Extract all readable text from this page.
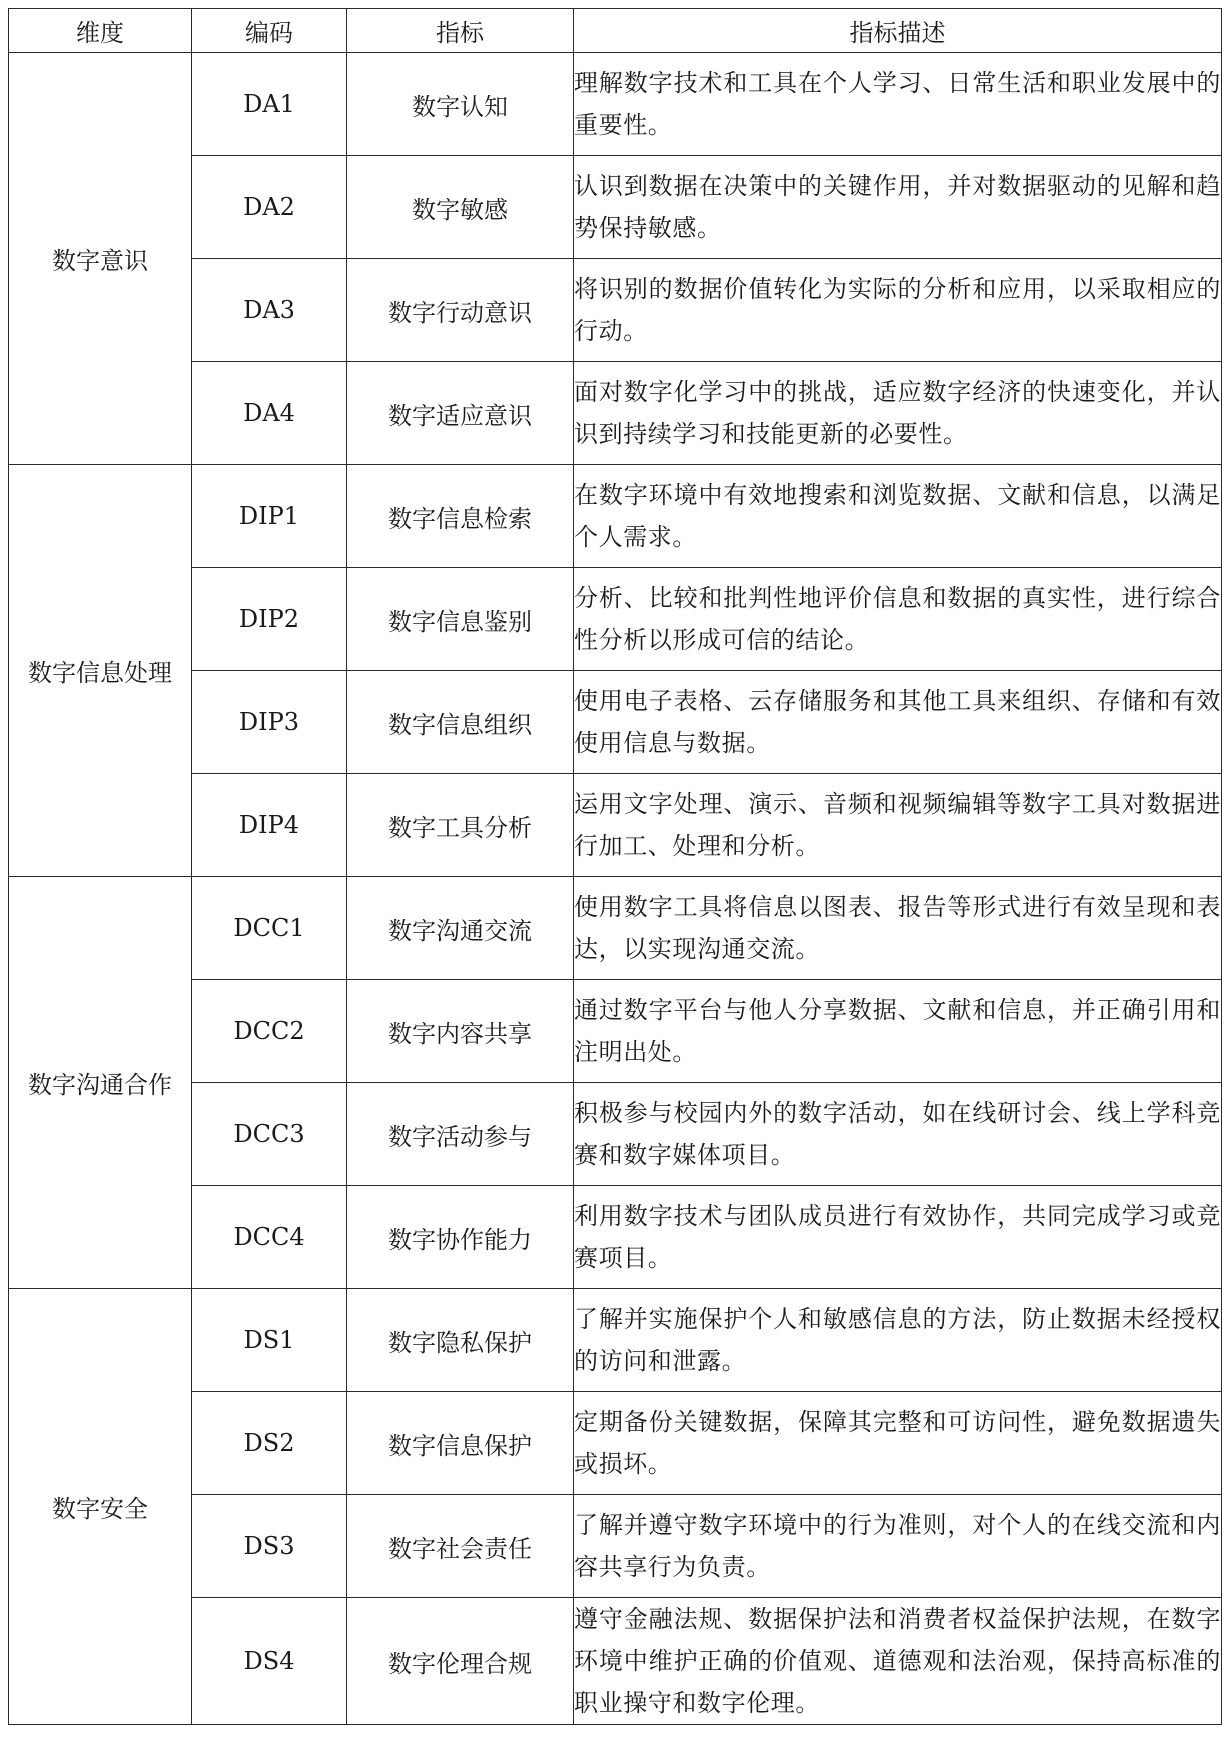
维度	编码	指标	指标描述
数字意识	DA1	数字认知	理解数字技术和工具在个人学习、日常生活和职业发展中的重要性。
	DA2	数字敏感	认识到数据在决策中的关键作用，并对数据驱动的见解和趋势保持敏感。
	DA3	数字行动意识	将识别的数据价值转化为实际的分析和应用，以采取相应的行动。
	DA4	数字适应意识	面对数字化学习中的挑战，适应数字经济的快速变化，并认识到持续学习和技能更新的必要性。
数字信息处理	DIP1	数字信息检索	在数字环境中有效地搜索和浏览数据、文献和信息，以满足个人需求。
	DIP2	数字信息鉴别	分析、比较和批判性地评价信息和数据的真实性，进行综合性分析以形成可信的结论。
	DIP3	数字信息组织	使用电子表格、云存储服务和其他工具来组织、存储和有效使用信息与数据。
	DIP4	数字工具分析	运用文字处理、演示、音频和视频编辑等数字工具对数据进行加工、处理和分析。
数字沟通合作	DCC1	数字沟通交流	使用数字工具将信息以图表、报告等形式进行有效呈现和表达，以实现沟通交流。
	DCC2	数字内容共享	通过数字平台与他人分享数据、文献和信息，并正确引用和注明出处。
	DCC3	数字活动参与	积极参与校园内外的数字活动，如在线研讨会、线上学科竞赛和数字媒体项目。
	DCC4	数字协作能力	利用数字技术与团队成员进行有效协作，共同完成学习或竞赛项目。
数字安全	DS1	数字隐私保护	了解并实施保护个人和敏感信息的方法，防止数据未经授权的访问和泄露。
	DS2	数字信息保护	定期备份关键数据，保障其完整和可访问性，避免数据遗失或损坏。
	DS3	数字社会责任	了解并遵守数字环境中的行为准则，对个人的在线交流和内容共享行为负责。
	DS4	数字伦理合规	遵守金融法规、数据保护法和消费者权益保护法规，在数字环境中维护正确的价值观、道德观和法治观，保持高标准的职业操守和数字伦理。
